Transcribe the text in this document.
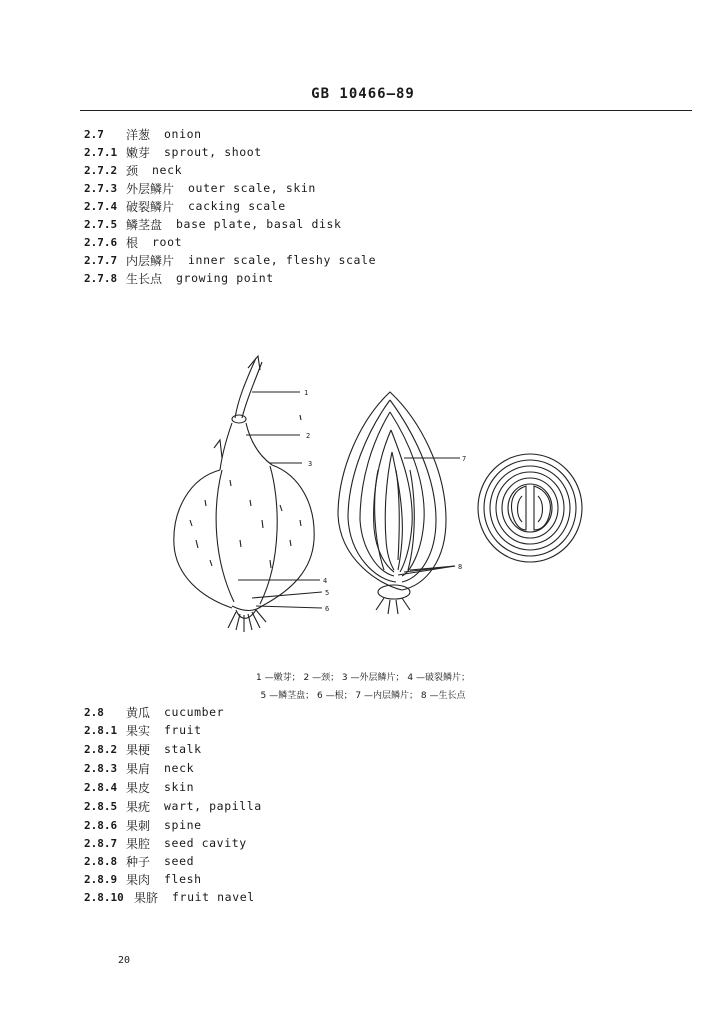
GB 10466—89
2.7	洋葱 onion
2.7.1 嫩芽 sprout, shoot
2.7.2 颈 neck
2.7.3 外层鳞片 outer scale, skin
2.7.4 破裂鳞片 cacking scale
2.7.5 鳞茎盘 base plate, basal disk
2.7.6 根 root
2.7.7 内层鳞片 inner scale, fleshy scale
2.7.8 生长点 growing point
1
2
3
4
5
6
7
8
1 —嫩芽； 2 —颈； 3 —外层鳞片； 4 —破裂鳞片；
5 —鳞茎盘； 6 —根； 7 —内层鳞片； 8 —生长点
2.8	黄瓜 cucumber
2.8.1 果实 fruit
2.8.2 果梗 stalk
2.8.3 果肩 neck
2.8.4 果皮 skin
2.8.5 果疣 wart, papilla
2.8.6 果刺 spine
2.8.7 果腔 seed cavity
2.8.8 种子 seed
2.8.9 果肉 flesh
2.8.10 果脐 fruit navel
20
